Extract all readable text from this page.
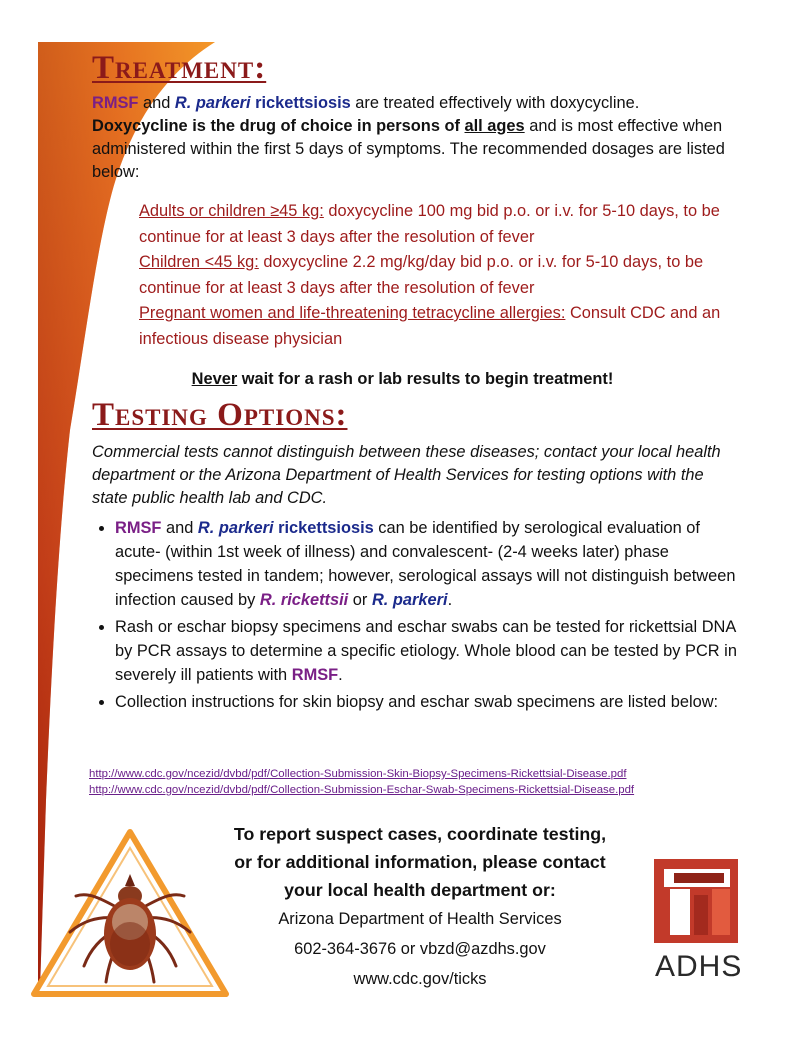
Treatment:

RMSF and R. parkeri rickettsiosis are treated effectively with doxycycline.
Doxycycline is the drug of choice in persons of all ages and is most effective when administered within the first 5 days of symptoms. The recommended dosages are listed below:

Adults or children ≥45 kg: doxycycline 100 mg bid p.o. or i.v. for 5-10 days, to be continue for at least 3 days after the resolution of fever
Children <45 kg: doxycycline 2.2 mg/kg/day bid p.o. or i.v. for 5-10 days, to be continue for at least 3 days after the resolution of fever
Pregnant women and life-threatening tetracycline allergies: Consult CDC and an infectious disease physician

Never wait for a rash or lab results to begin treatment!

Testing Options:

Commercial tests cannot distinguish between these diseases; contact your local health department or the Arizona Department of Health Services for testing options with the state public health lab and CDC.

• RMSF and R. parkeri rickettsiosis can be identified by serological evaluation of acute- (within 1st week of illness) and convalescent- (2-4 weeks later) phase specimens tested in tandem; however, serological assays will not distinguish between infection caused by R. rickettsii or R. parkeri.
• Rash or eschar biopsy specimens and eschar swabs can be tested for rickettsial DNA by PCR assays to determine a specific etiology. Whole blood can be tested by PCR in severely ill patients with RMSF.
• Collection instructions for skin biopsy and eschar swab specimens are listed below:
http://www.cdc.gov/ncezid/dvbd/pdf/Collection-Submission-Skin-Biopsy-Specimens-Rickettsial-Disease.pdf
http://www.cdc.gov/ncezid/dvbd/pdf/Collection-Submission-Eschar-Swab-Specimens-Rickettsial-Disease.pdf

To report suspect cases, coordinate testing,
or for additional information, please contact
your local health department or:
Arizona Department of Health Services
602-364-3676 or vbzd@azdhs.gov
www.cdc.gov/ticks	ADHS
